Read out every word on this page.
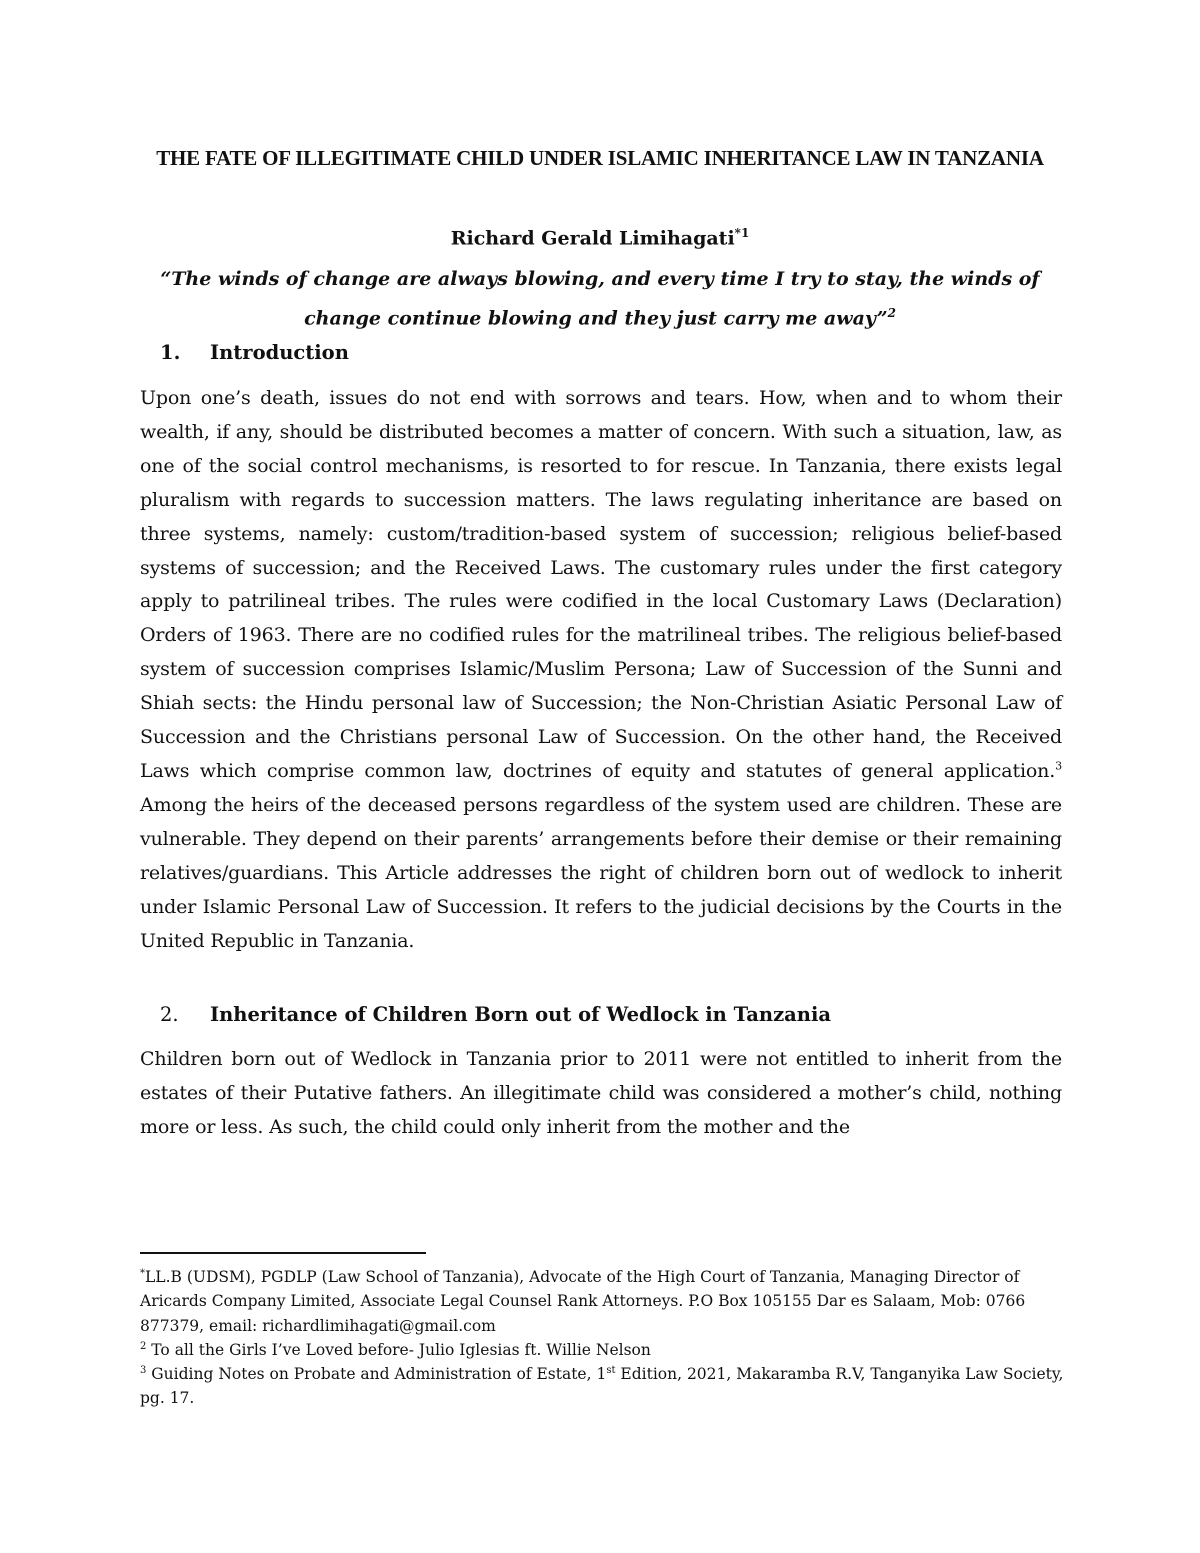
THE FATE OF ILLEGITIMATE CHILD UNDER ISLAMIC INHERITANCE LAW IN TANZANIA
Richard Gerald Limihagati$^{*1}$
“The winds of change are always blowing, and every time I try to stay, the winds of change continue blowing and they just carry me away”$^2$
1. Introduction
Upon one’s death, issues do not end with sorrows and tears. How, when and to whom their wealth, if any, should be distributed becomes a matter of concern. With such a situation, law, as one of the social control mechanisms, is resorted to for rescue. In Tanzania, there exists legal pluralism with regards to succession matters. The laws regulating inheritance are based on three systems, namely: custom/tradition-based system of succession; religious belief-based systems of succession; and the Received Laws. The customary rules under the first category apply to patrilineal tribes. The rules were codified in the local Customary Laws (Declaration) Orders of 1963. There are no codified rules for the matrilineal tribes. The religious belief-based system of succession comprises Islamic/Muslim Persona; Law of Succession of the Sunni and Shiah sects: the Hindu personal law of Succession; the Non-Christian Asiatic Personal Law of Succession and the Christians personal Law of Succession. On the other hand, the Received Laws which comprise common law, doctrines of equity and statutes of general application.$^3$ Among the heirs of the deceased persons regardless of the system used are children. These are vulnerable. They depend on their parents’ arrangements before their demise or their remaining relatives/guardians. This Article addresses the right of children born out of wedlock to inherit under Islamic Personal Law of Succession. It refers to the judicial decisions by the Courts in the United Republic in Tanzania.
2. Inheritance of Children Born out of Wedlock in Tanzania
Children born out of Wedlock in Tanzania prior to 2011 were not entitled to inherit from the estates of their Putative fathers. An illegitimate child was considered a mother’s child, nothing more or less. As such, the child could only inherit from the mother and the

*LL.B (UDSM), PGDLP (Law School of Tanzania), Advocate of the High Court of Tanzania, Managing Director of Aricards Company Limited, Associate Legal Counsel Rank Attorneys. P.O Box 105155 Dar es Salaam, Mob: 0766 877379, email: richardlimihagati@gmail.com

$^2$ To all the Girls I’ve Loved before- Julio Iglesias ft. Willie Nelson

$^3$ Guiding Notes on Probate and Administration of Estate, 1st Edition, 2021, Makaramba R.V, Tanganyika Law Society, pg. 17.
